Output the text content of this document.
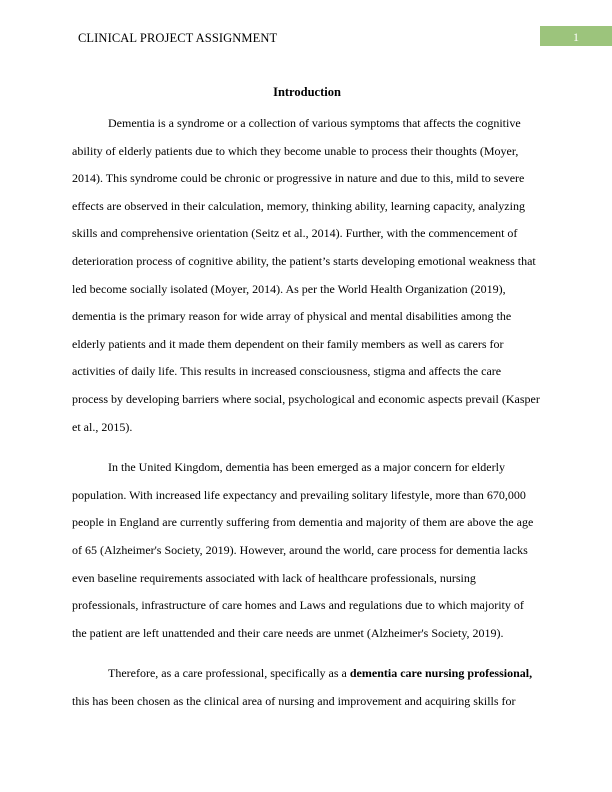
CLINICAL PROJECT ASSIGNMENT	1
Introduction
Dementia is a syndrome or a collection of various symptoms that affects the cognitive
ability of elderly patients due to which they become unable to process their thoughts (Moyer,
2014). This syndrome could be chronic or progressive in nature and due to this, mild to severe
effects are observed in their calculation, memory, thinking ability, learning capacity, analyzing
skills and comprehensive orientation (Seitz et al., 2014). Further, with the commencement of
deterioration process of cognitive ability, the patient’s starts developing emotional weakness that
led become socially isolated (Moyer, 2014). As per the World Health Organization (2019),
dementia is the primary reason for wide array of physical and mental disabilities among the
elderly patients and it made them dependent on their family members as well as carers for
activities of daily life. This results in increased consciousness, stigma and affects the care
process by developing barriers where social, psychological and economic aspects prevail (Kasper
et al., 2015).
In the United Kingdom, dementia has been emerged as a major concern for elderly
population. With increased life expectancy and prevailing solitary lifestyle, more than 670,000
people in England are currently suffering from dementia and majority of them are above the age
of 65 (Alzheimer's Society, 2019). However, around the world, care process for dementia lacks
even baseline requirements associated with lack of healthcare professionals, nursing
professionals, infrastructure of care homes and Laws and regulations due to which majority of
the patient are left unattended and their care needs are unmet (Alzheimer's Society, 2019).
Therefore, as a care professional, specifically as a dementia care nursing professional,
this has been chosen as the clinical area of nursing and improvement and acquiring skills for
